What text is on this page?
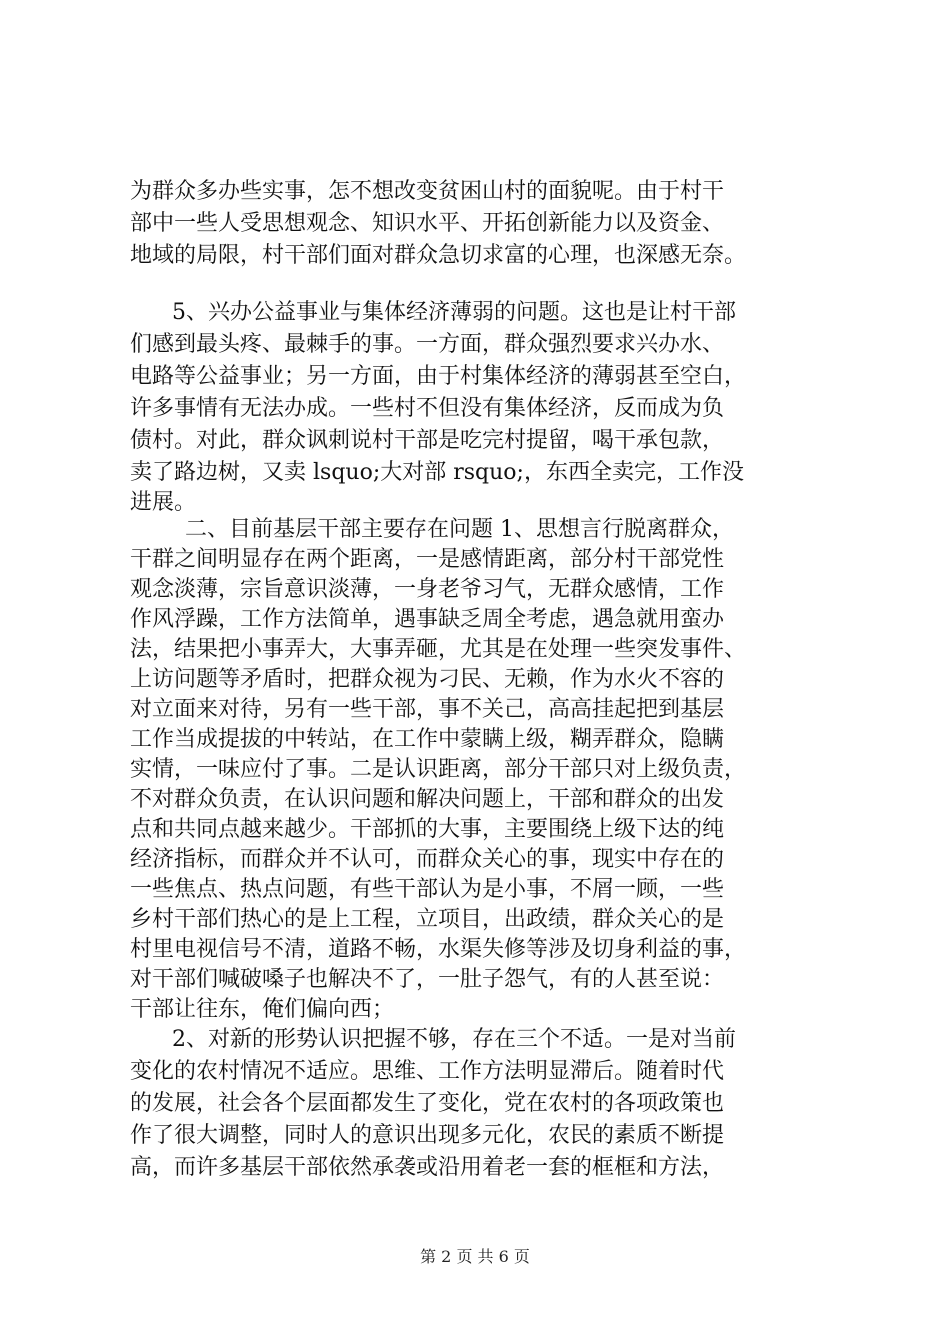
为群众多办些实事，怎不想改变贫困山村的面貌呢。由于村干
部中一些人受思想观念、知识水平、开拓创新能力以及资金、
地域的局限，村干部们面对群众急切求富的心理，也深感无奈。
5、兴办公益事业与集体经济薄弱的问题。这也是让村干部
们感到最头疼、最棘手的事。一方面，群众强烈要求兴办水、
电路等公益事业；另一方面，由于村集体经济的薄弱甚至空白，
许多事情有无法办成。一些村不但没有集体经济，反而成为负
债村。对此，群众讽刺说村干部是吃完村提留，喝干承包款，
卖了路边树，又卖 lsquo;大对部 rsquo;，东西全卖完，工作没
进展。
二、目前基层干部主要存在问题 1、思想言行脱离群众，
干群之间明显存在两个距离，一是感情距离，部分村干部党性
观念淡薄，宗旨意识淡薄，一身老爷习气，无群众感情，工作
作风浮躁，工作方法简单，遇事缺乏周全考虑，遇急就用蛮办
法，结果把小事弄大，大事弄砸，尤其是在处理一些突发事件、
上访问题等矛盾时，把群众视为刁民、无赖，作为水火不容的
对立面来对待，另有一些干部，事不关己，高高挂起把到基层
工作当成提拔的中转站，在工作中蒙瞒上级，糊弄群众，隐瞒
实情，一味应付了事。二是认识距离，部分干部只对上级负责，
不对群众负责，在认识问题和解决问题上，干部和群众的出发
点和共同点越来越少。干部抓的大事，主要围绕上级下达的纯
经济指标，而群众并不认可，而群众关心的事，现实中存在的
一些焦点、热点问题，有些干部认为是小事，不屑一顾，一些
乡村干部们热心的是上工程，立项目，出政绩，群众关心的是
村里电视信号不清，道路不畅，水渠失修等涉及切身利益的事，
对干部们喊破嗓子也解决不了，一肚子怨气，有的人甚至说：
干部让往东，俺们偏向西；
2、对新的形势认识把握不够，存在三个不适。一是对当前
变化的农村情况不适应。思维、工作方法明显滞后。随着时代
的发展，社会各个层面都发生了变化，党在农村的各项政策也
作了很大调整，同时人的意识出现多元化，农民的素质不断提
高，而许多基层干部依然承袭或沿用着老一套的框框和方法，
第 2 页 共 6 页
